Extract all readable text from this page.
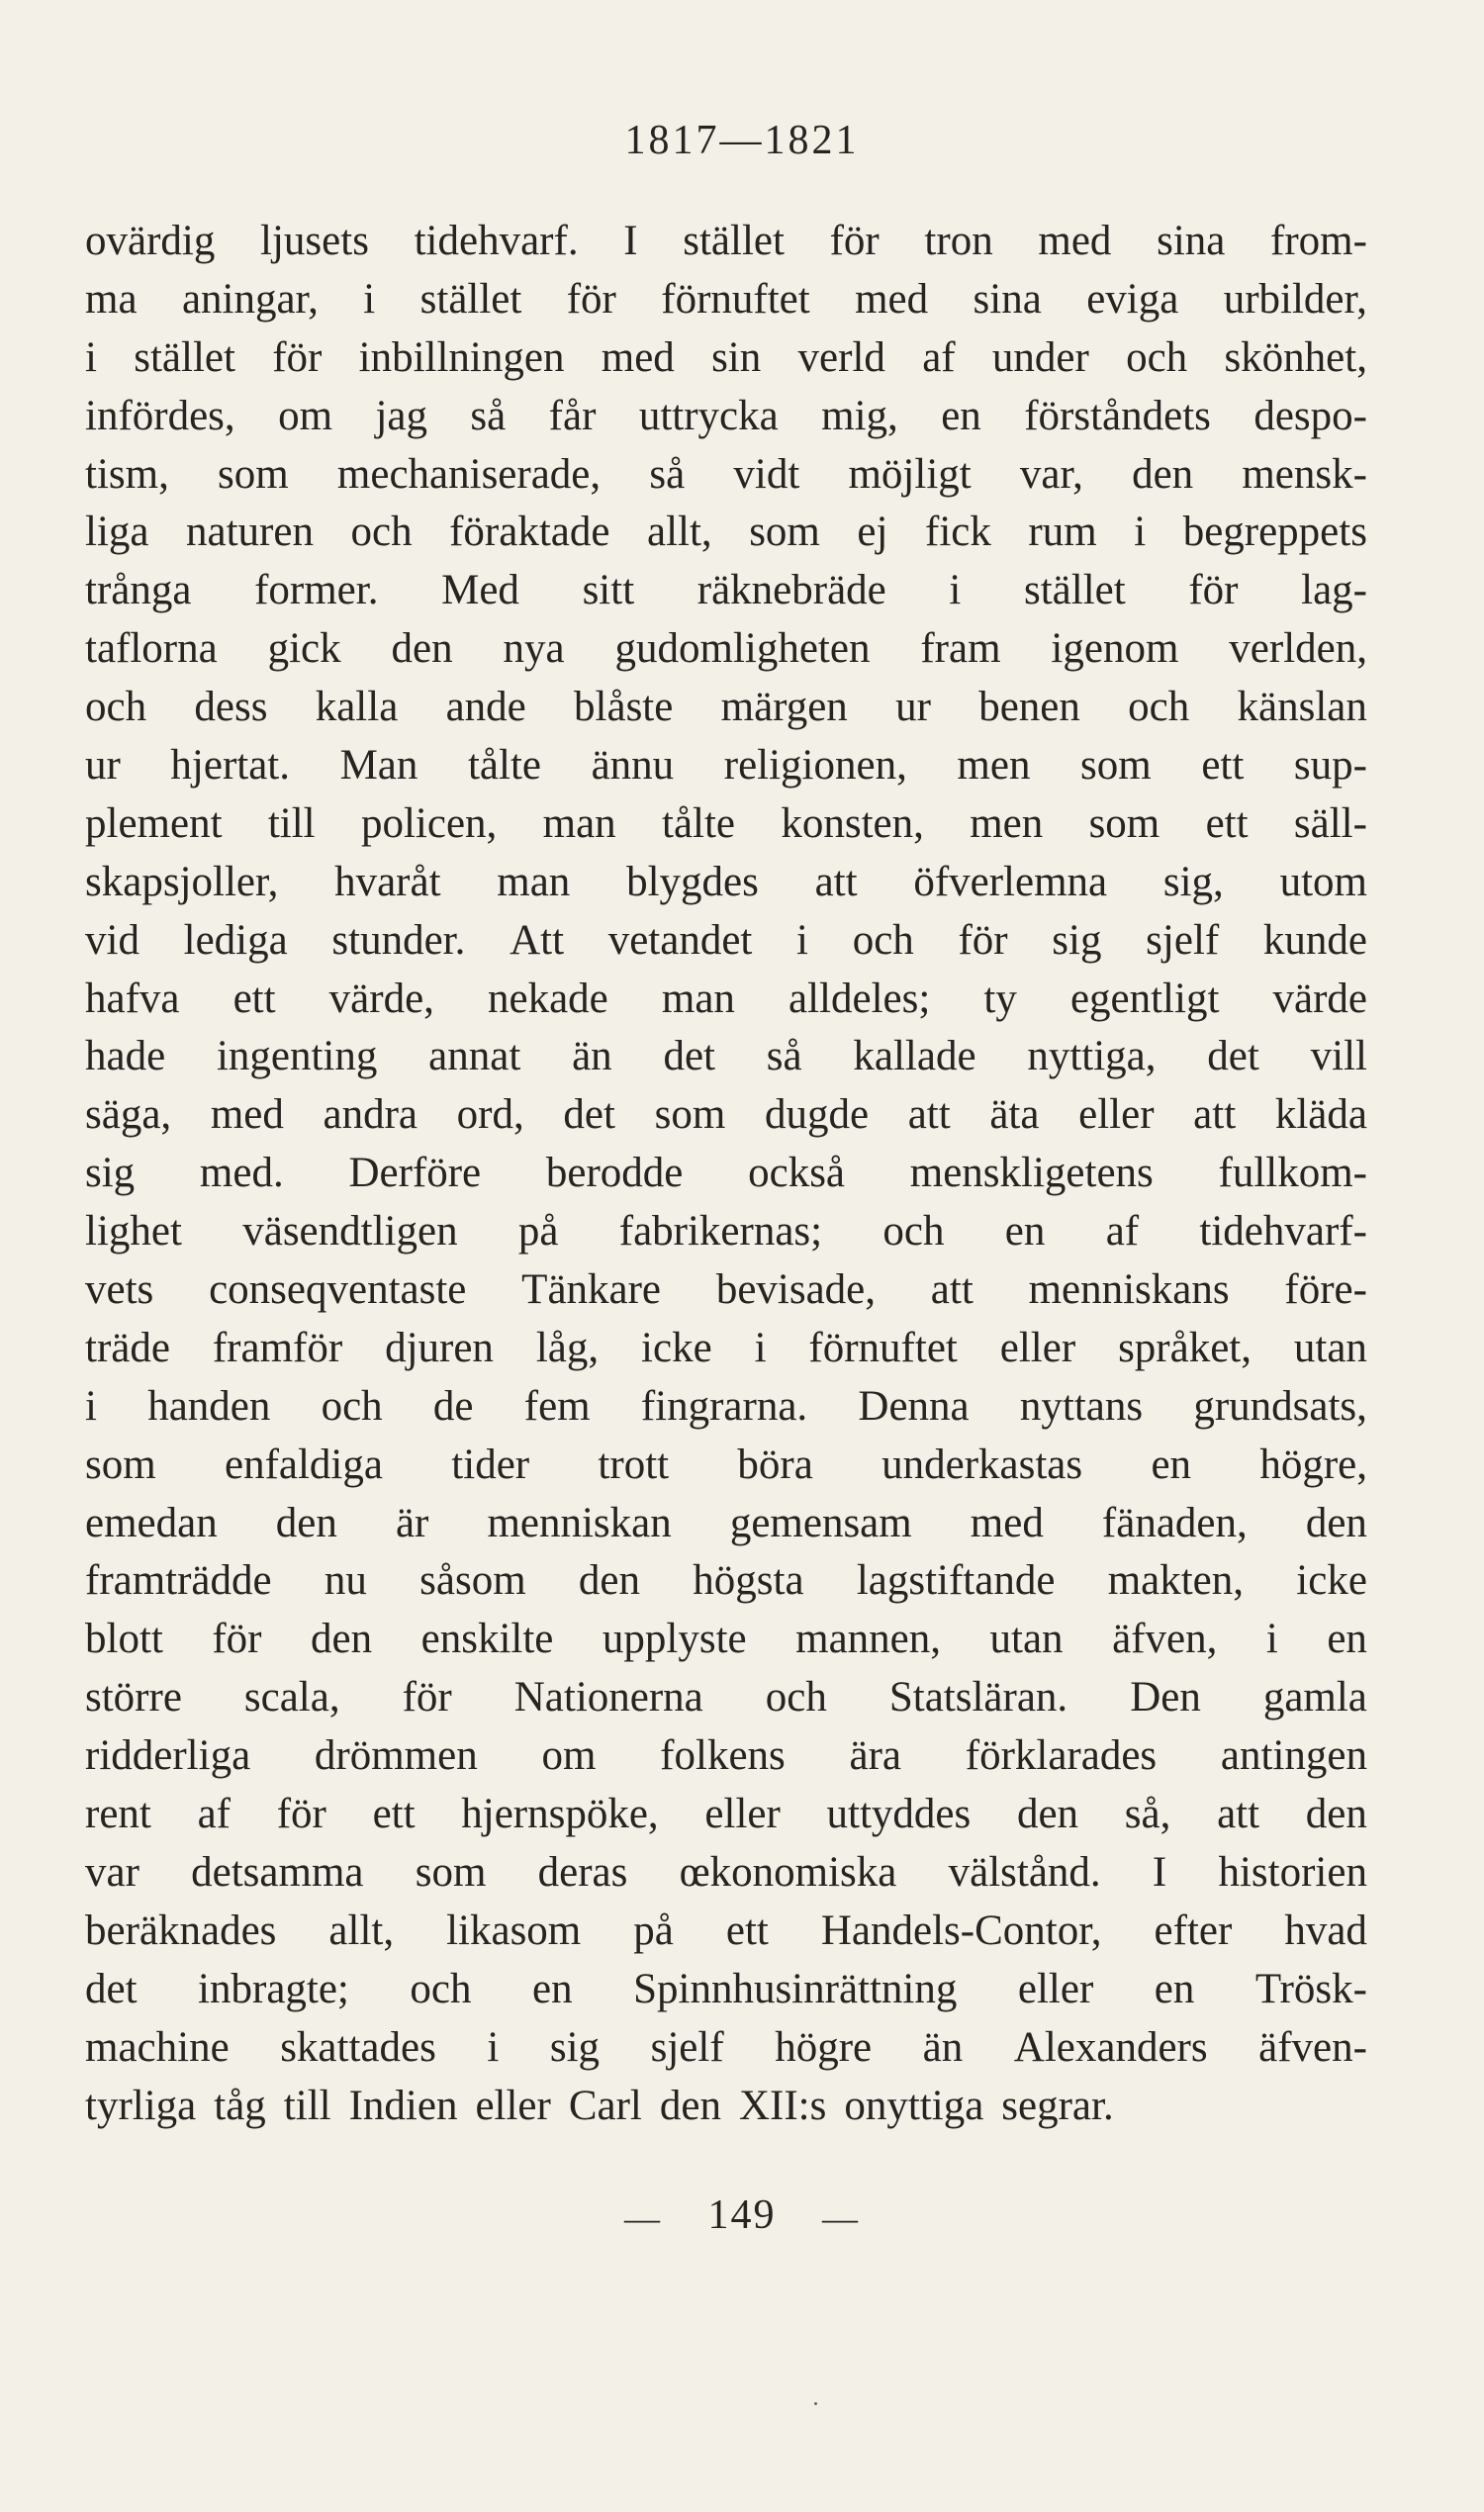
1817—1821
ovärdig ljusets tidehvarf. I stället för tron med sina from-
ma aningar, i stället för förnuftet med sina eviga urbilder,
i stället för inbillningen med sin verld af under och skönhet,
infördes, om jag så får uttrycka mig, en förståndets despo-
tism, som mechaniserade, så vidt möjligt var, den mensk-
liga naturen och föraktade allt, som ej fick rum i begreppets
trånga former. Med sitt räknebräde i stället för lag-
taflorna gick den nya gudomligheten fram igenom verlden,
och dess kalla ande blåste märgen ur benen och känslan
ur hjertat. Man tålte ännu religionen, men som ett sup-
plement till policen, man tålte konsten, men som ett säll-
skapsjoller, hvaråt man blygdes att öfverlemna sig, utom
vid lediga stunder. Att vetandet i och för sig sjelf kunde
hafva ett värde, nekade man alldeles; ty egentligt värde
hade ingenting annat än det så kallade nyttiga, det vill
säga, med andra ord, det som dugde att äta eller att kläda
sig med. Derföre berodde också menskligetens fullkom-
lighet väsendtligen på fabrikernas; och en af tidehvarf-
vets conseqventaste Tänkare bevisade, att menniskans före-
träde framför djuren låg, icke i förnuftet eller språket, utan
i handen och de fem fingrarna. Denna nyttans grundsats,
som enfaldiga tider trott böra underkastas en högre,
emedan den är menniskan gemensam med fänaden, den
framträdde nu såsom den högsta lagstiftande makten, icke
blott för den enskilte upplyste mannen, utan äfven, i en
större scala, för Nationerna och Statsläran. Den gamla
ridderliga drömmen om folkens ära förklarades antingen
rent af för ett hjernspöke, eller uttyddes den så, att den
var detsamma som deras œkonomiska välstånd. I historien
beräknades allt, likasom på ett Handels-Contor, efter hvad
det inbragte; och en Spinnhusinrättning eller en Trösk-
machine skattades i sig sjelf högre än Alexanders äfven-
tyrliga tåg till Indien eller Carl den XII:s onyttiga segrar.
— 149 —
